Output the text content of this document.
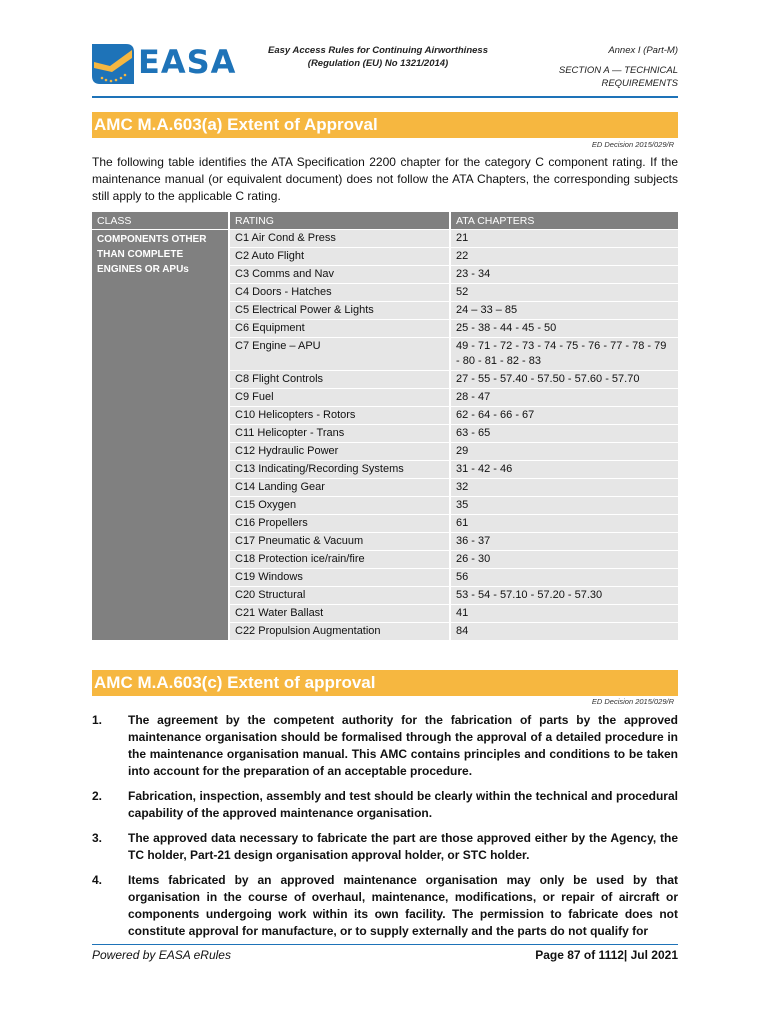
EASA	Easy Access Rules for Continuing Airworthiness
(Regulation (EU) No 1321/2014)
Annex I (Part-M)
SECTION A — TECHNICAL
REQUIREMENTS
AMC M.A.603(a) Extent of Approval
ED Decision 2015/029/R
The following table identifies the ATA Specification 2200 chapter for the category C component rating. If the maintenance manual (or equivalent document) does not follow the ATA Chapters, the corresponding subjects still apply to the applicable C rating.
CLASS	RATING	ATA CHAPTERS
COMPONENTS OTHER THAN COMPLETE ENGINES OR APUs	C1 Air Cond & Press	21
	C2 Auto Flight	22
	C3 Comms and Nav	23 - 34
	C4 Doors - Hatches	52
	C5 Electrical Power & Lights	24 – 33 – 85
	C6 Equipment	25 - 38 - 44 - 45 - 50
	C7 Engine – APU	49 - 71 - 72 - 73 - 74 - 75 - 76 - 77 - 78 - 79 - 80 - 81 - 82 - 83
	C8 Flight Controls	27 - 55 - 57.40 - 57.50 - 57.60 - 57.70
	C9 Fuel	28 - 47
	C10 Helicopters - Rotors	62 - 64 - 66 - 67
	C11 Helicopter - Trans	63 - 65
	C12 Hydraulic Power	29
	C13 Indicating/Recording Systems	31 - 42 - 46
	C14 Landing Gear	32
	C15 Oxygen	35
	C16 Propellers	61
	C17 Pneumatic & Vacuum	36 - 37
	C18 Protection ice/rain/fire	26 - 30
	C19 Windows	56
	C20 Structural	53 - 54 - 57.10 - 57.20 - 57.30
	C21 Water Ballast	41
	C22 Propulsion Augmentation	84
AMC M.A.603(c) Extent of approval
ED Decision 2015/029/R
1. The agreement by the competent authority for the fabrication of parts by the approved maintenance organisation should be formalised through the approval of a detailed procedure in the maintenance organisation manual. This AMC contains principles and conditions to be taken into account for the preparation of an acceptable procedure.
2. Fabrication, inspection, assembly and test should be clearly within the technical and procedural capability of the approved maintenance organisation.
3. The approved data necessary to fabricate the part are those approved either by the Agency, the TC holder, Part-21 design organisation approval holder, or STC holder.
4. Items fabricated by an approved maintenance organisation may only be used by that organisation in the course of overhaul, maintenance, modifications, or repair of aircraft or components undergoing work within its own facility. The permission to fabricate does not constitute approval for manufacture, or to supply externally and the parts do not qualify for
Powered by EASA eRules	Page 87 of 1112| Jul 2021
